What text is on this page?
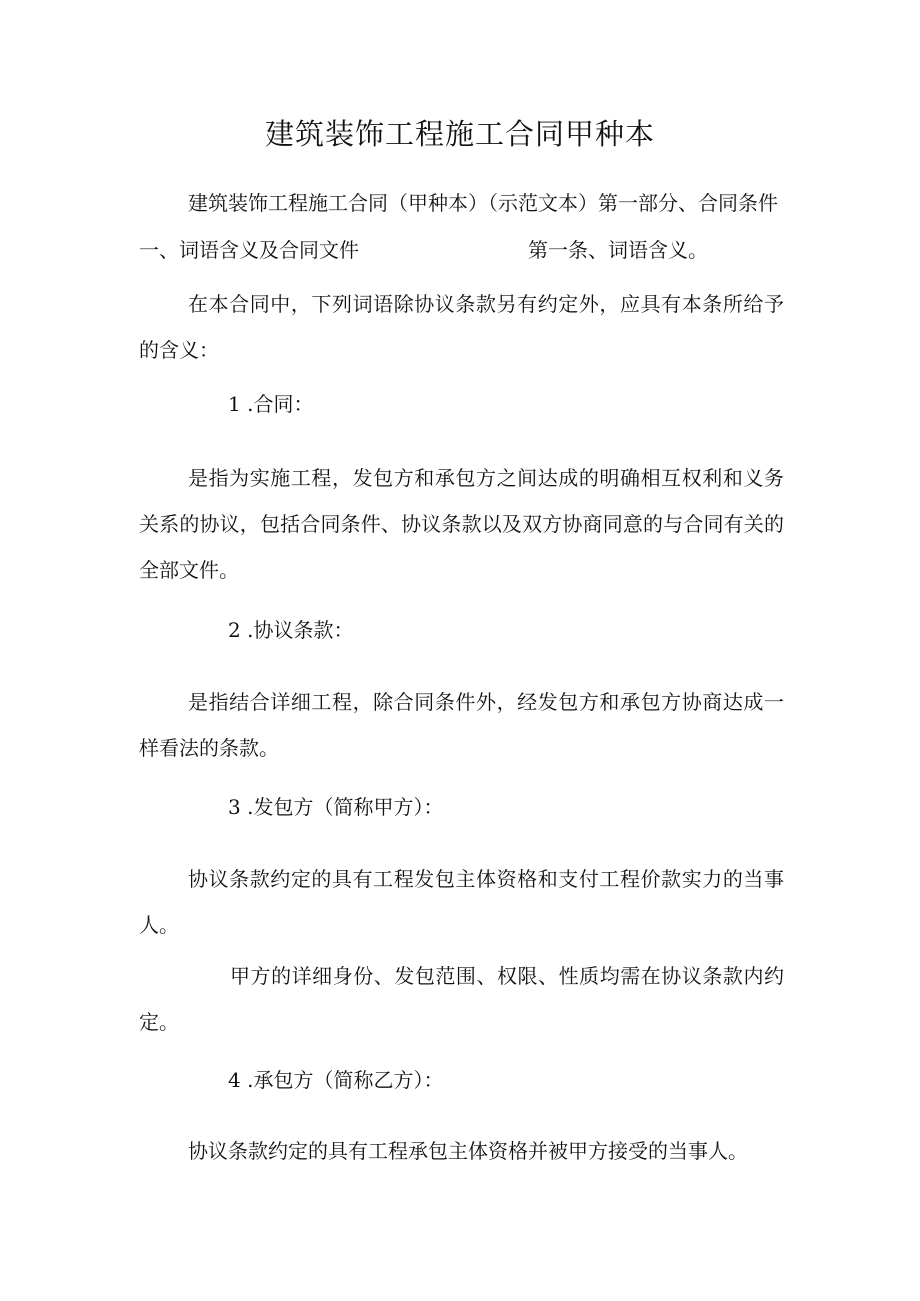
建筑装饰工程施工合同甲种本
建筑装饰工程施工合同（甲种本）（示范文本）第一部分、合同条件
一、词语含义及合同文件	第一条、词语含义。

在本合同中，下列词语除协议条款另有约定外，应具有本条所给予的含义：

1 .合同：

是指为实施工程，发包方和承包方之间达成的明确相互权利和义务关系的协议，包括合同条件、协议条款以及双方协商同意的与合同有关的全部文件。

2 .协议条款：

是指结合详细工程，除合同条件外，经发包方和承包方协商达成一样看法的条款。

3 .发包方（简称甲方）：

协议条款约定的具有工程发包主体资格和支付工程价款实力的当事人。

甲方的详细身份、发包范围、权限、性质均需在协议条款内约定。

4 .承包方（简称乙方）：

协议条款约定的具有工程承包主体资格并被甲方接受的当事人。
